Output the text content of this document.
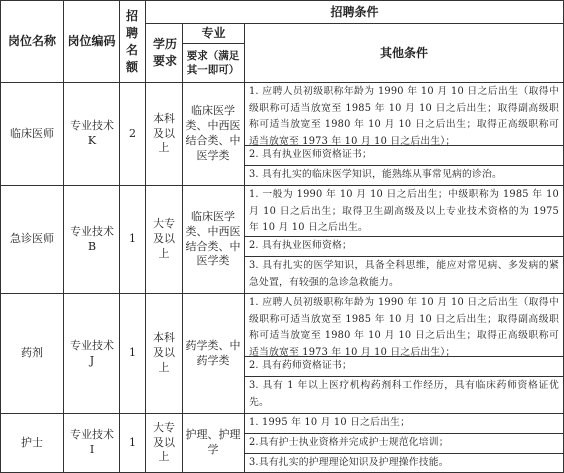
岗位名称 岗位编码
招聘名额
招聘条件
学历要求
专业
要求（满足其一即可）
其他条件
临床医师
专业技术K
2
本科及以上
临床医学类、中西医结合类、中医学类
1. 应聘人员初级职称年龄为 1990 年 10 月 10 日之后出生（取得中级职称可适当放宽至 1985 年 10 月 10 日之后出生；取得副高级职称可适当放宽至 1980 年 10 月 10 日之后出生；取得正高级职称可适当放宽至 1973 年 10 月 10 日之后出生）；
2. 具有执业医师资格证书；
3. 具有扎实的临床医学知识，能熟练从事常见病的诊治。
急诊医师
专业技术B
1
大专及以上
临床医学类、中西医结合类、中医学类
1. 一般为 1990 年 10 月 10 日之后出生；中级职称为 1985 年 10 月 10 日之后出生；取得卫生副高级及以上专业技术资格的为 1975 年 10 月 10 日之后出生。
2. 具有执业医师资格；
3. 具有扎实的医学知识，具备全科思维，能应对常见病、多发病的紧急处置，有较强的急诊急救能力。
药剂
专业技术J
1
本科及以上
药学类、中药学类
1. 应聘人员初级职称年龄为 1990 年 10 月 10 日之后出生（取得中级职称可适当放宽至 1985 年 10 月 10 日之后出生；取得副高级职称可适当放宽至 1980 年 10 月 10 日之后出生；取得正高级职称可适当放宽至 1973 年 10 月 10 日之后出生）；
2. 具有药师资格证书；
3. 具有 1 年以上医疗机构药剂科工作经历，具有临床药师资格证优先。
护士
专业技术I
1
大专及以上
护理、护理学
1. 1995 年 10 月 10 日之后出生；
2.具有护士执业资格并完成护士规范化培训；
3.具有扎实的护理理论知识及护理操作技能。
